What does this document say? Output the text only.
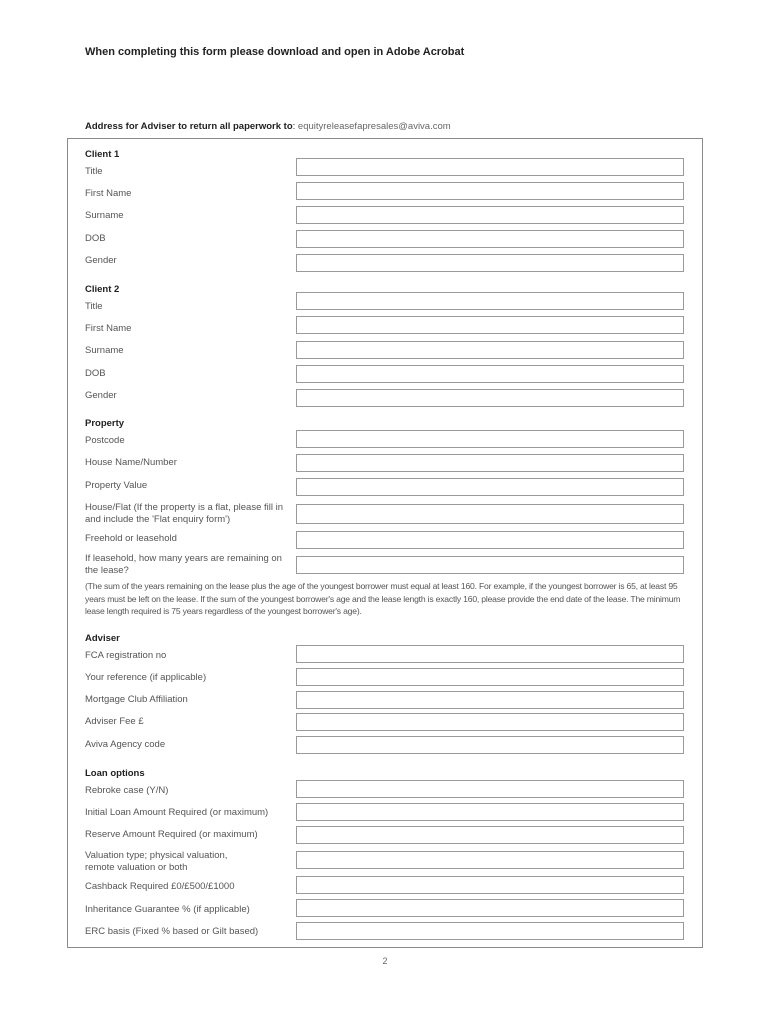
When completing this form please download and open in Adobe Acrobat
Address for Adviser to return all paperwork to: equityreleasefapresales@aviva.com
Client 1
Title
First Name
Surname
DOB
Gender
Client 2
Title
First Name
Surname
DOB
Gender
Property
Postcode
House Name/Number
Property Value
House/Flat (If the property is a flat, please fill in and include the 'Flat enquiry form')
Freehold or leasehold
If leasehold, how many years are remaining on the lease?
(The sum of the years remaining on the lease plus the age of the youngest borrower must equal at least 160. For example, if the youngest borrower is 65, at least 95 years must be left on the lease. If the sum of the youngest borrower's age and the lease length is exactly 160, please provide the end date of the lease. The minimum lease length required is 75 years regardless of the youngest borrower's age).
Adviser
FCA registration no
Your reference (if applicable)
Mortgage Club Affiliation
Adviser Fee £
Aviva Agency code
Loan options
Rebroke case (Y/N)
Initial Loan Amount Required (or maximum)
Reserve Amount Required (or maximum)
Valuation type; physical valuation, remote valuation or both
Cashback Required £0/£500/£1000
Inheritance Guarantee % (if applicable)
ERC basis (Fixed % based or Gilt based)
2
